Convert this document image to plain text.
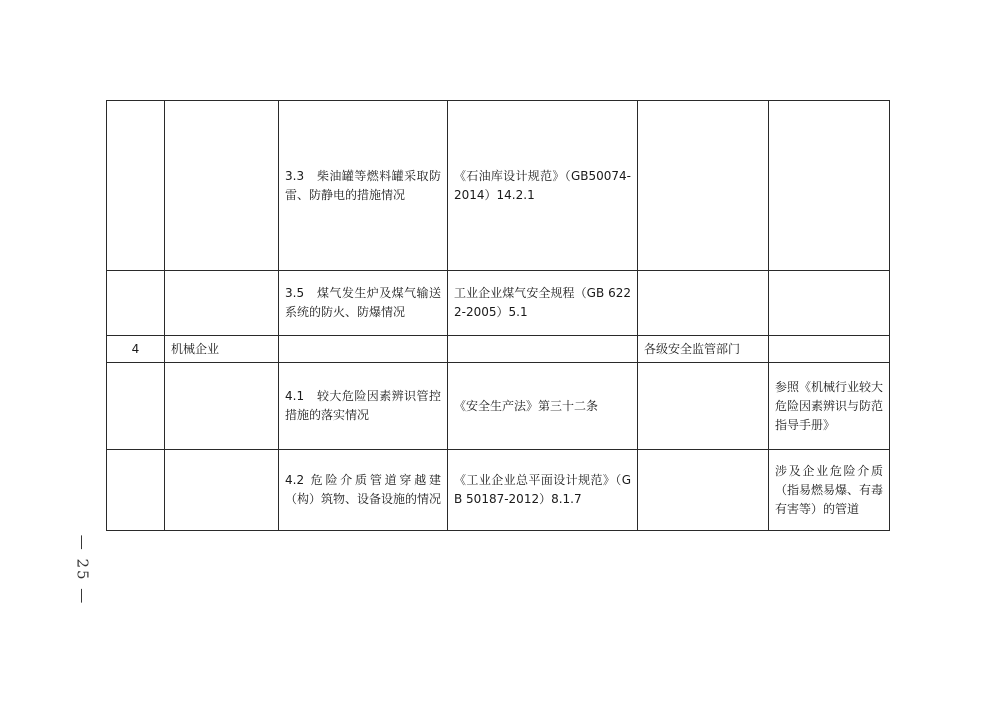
		3.3　柴油罐等燃料罐采取防雷、防静电的措施情况	《石油库设计规范》（GB50074-2014）14.2.1		
		3.5　煤气发生炉及煤气输送系统的防火、防爆情况	工业企业煤气安全规程（GB 6222-2005）5.1		
4	机械企业			各级安全监管部门	
		4.1　较大危险因素辨识管控措施的落实情况	《安全生产法》第三十二条		参照《机械行业较大危险因素辨识与防范指导手册》
		4.2 危险介质管道穿越建（构）筑物、设备设施的情况	《工业企业总平面设计规范》（GB 50187-2012）8.1.7		涉及企业危险介质（指易燃易爆、有毒有害等）的管道
— 25 —
